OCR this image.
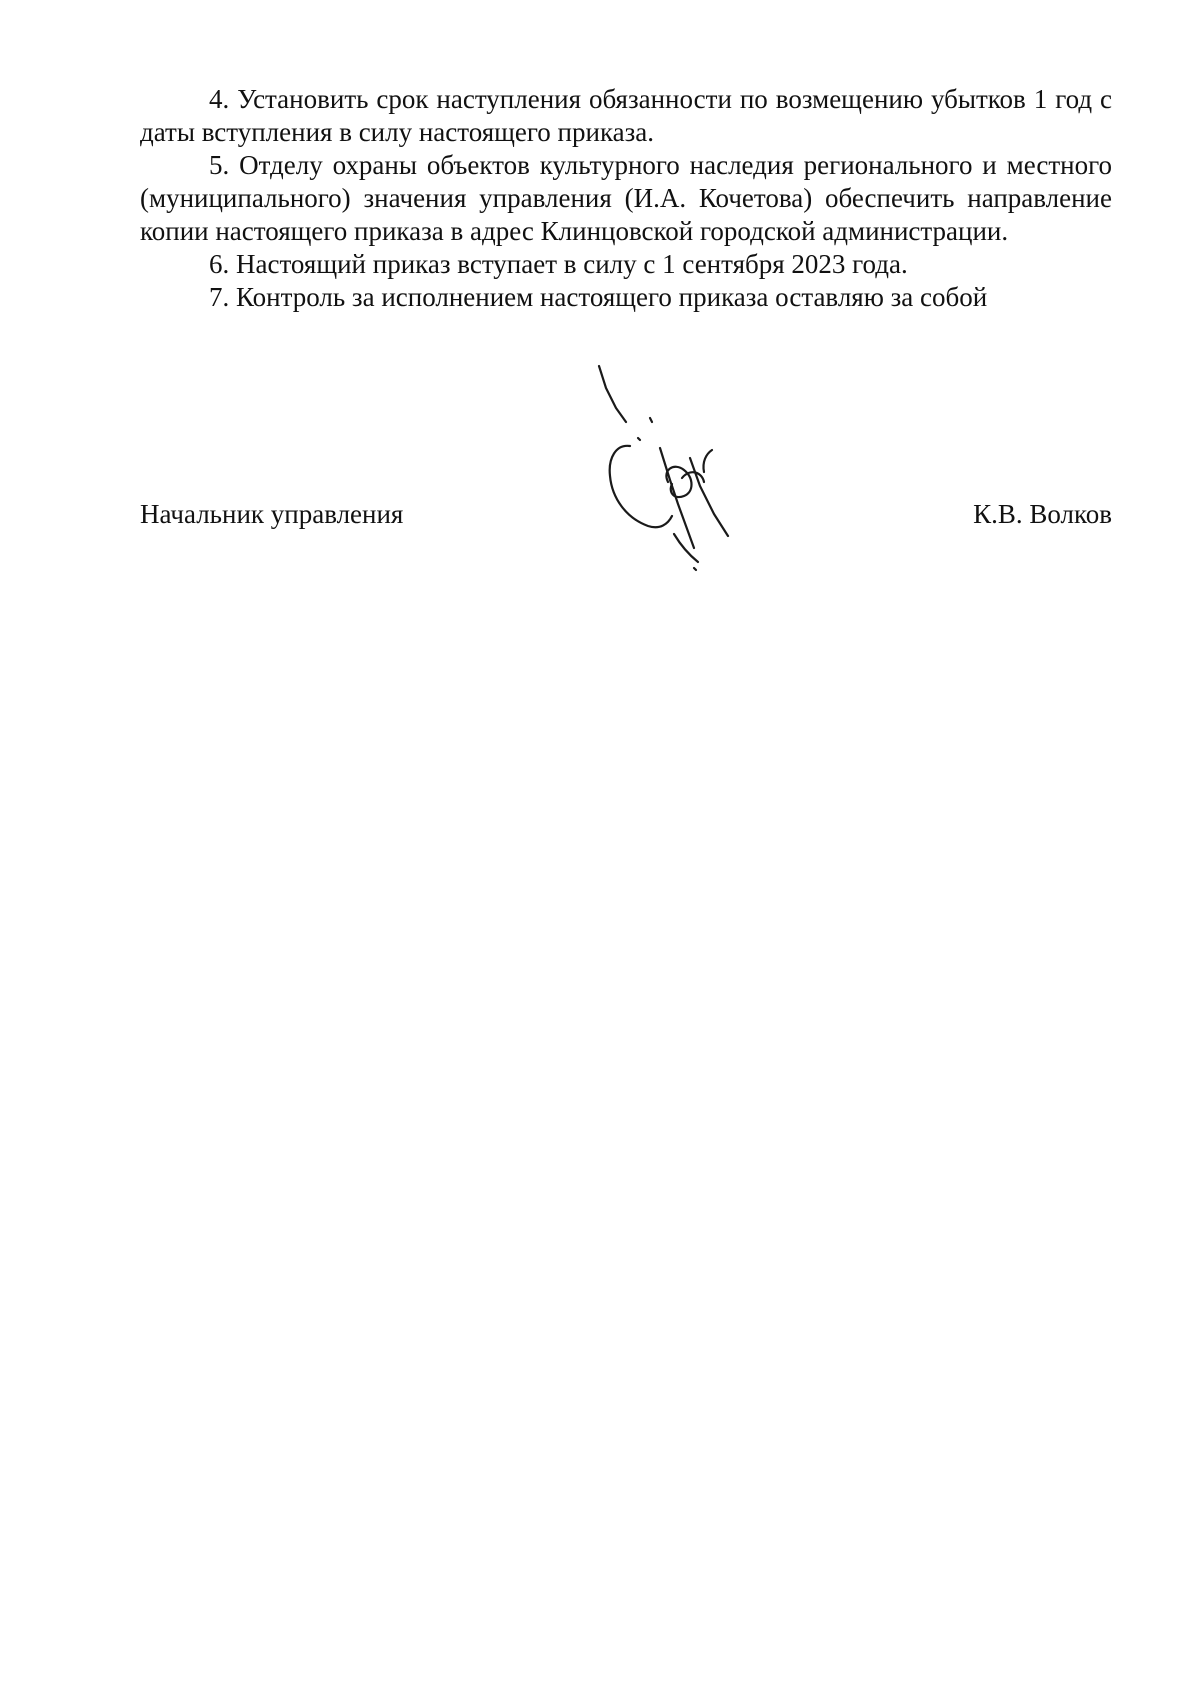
4. Установить срок наступления обязанности по возмещению убытков 1 год с даты вступления в силу настоящего приказа.

5. Отделу охраны объектов культурного наследия регионального и местного (муниципального) значения управления (И.А. Кочетова) обеспечить направление копии настоящего приказа в адрес Клинцовской городской администрации.

6. Настоящий приказ вступает в силу с 1 сентября 2023 года.

7. Контроль за исполнением настоящего приказа оставляю за собой

Начальник управления	К.В. Волков
